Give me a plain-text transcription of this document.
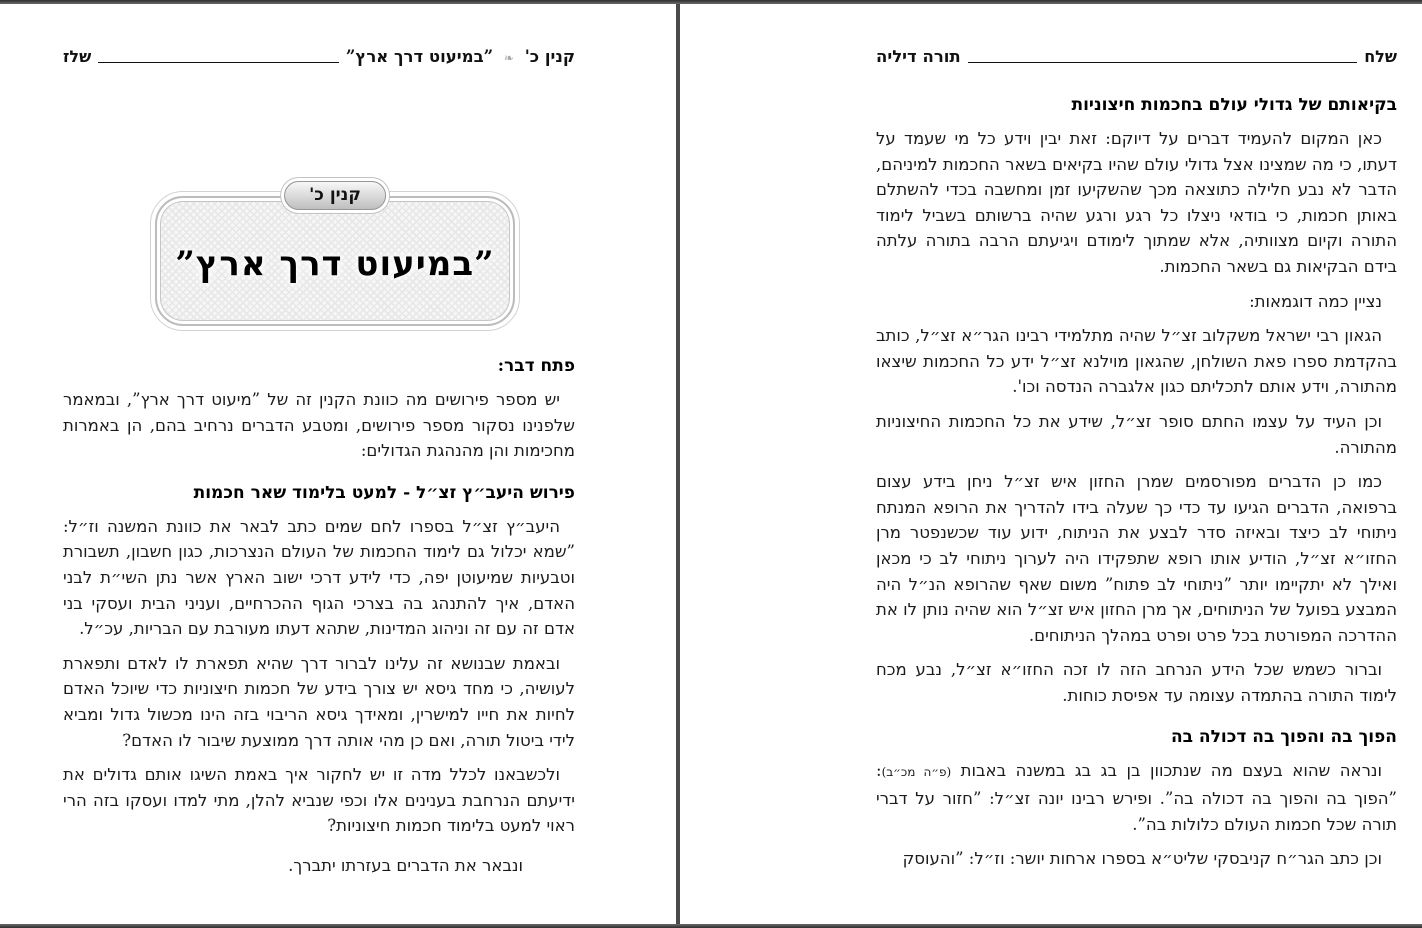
קנין כ' ❧ ”במיעוט דרך ארץ”
שלז
קנין כ'
”במיעוט דרך ארץ”
פתח דבר:

יש מספר פירושים מה כוונת הקנין זה של ”מיעוט דרך ארץ”, ובמאמר שלפנינו נסקור מספר פירושים, ומטבע הדברים נרחיב בהם, הן באמרות מחכימות והן מהנהגת הגדולים:

פירוש היעב״ץ זצ״ל - למעט בלימוד שאר חכמות

היעב״ץ זצ״ל בספרו לחם שמים כתב לבאר את כוונת המשנה וז״ל: ”שמא יכלול גם לימוד החכמות של העולם הנצרכות, כגון חשבון, תשבורת וטבעיות שמיעוטן יפה, כדי לידע דרכי ישוב הארץ אשר נתן השי״ת לבני האדם, איך להתנהג בה בצרכי הגוף ההכרחיים, ועניני הבית ועסקי בני אדם זה עם זה וניהוג המדינות, שתהא דעתו מעורבת עם הבריות, עכ״ל.

ובאמת שבנושא זה עלינו לברור דרך שהיא תפארת לו לאדם ותפארת לעושיה, כי מחד גיסא יש צורך בידע של חכמות חיצוניות כדי שיוכל האדם לחיות את חייו למישרין, ומאידך גיסא הריבוי בזה הינו מכשול גדול ומביא לידי ביטול תורה, ואם כן מהי אותה דרך ממוצעת שיבור לו האדם?

ולכשבאנו לכלל מדה זו יש לחקור איך באמת השיגו אותם גדולים את ידיעתם הנרחבת בענינים אלו וכפי שנביא להלן, מתי למדו ועסקו בזה הרי ראוי למעט בלימוד חכמות חיצוניות?

ונבאר את הדברים בעזרתו יתברך.

שלח
תורה דיליה
בקיאותם של גדולי עולם בחכמות חיצוניות

כאן המקום להעמיד דברים על דיוקם: זאת יבין וידע כל מי שעמד על דעתו, כי מה שמצינו אצל גדולי עולם שהיו בקיאים בשאר החכמות למיניהם, הדבר לא נבע חלילה כתוצאה מכך שהשקיעו זמן ומחשבה בכדי להשתלם באותן חכמות, כי בודאי ניצלו כל רגע ורגע שהיה ברשותם בשביל לימוד התורה וקיום מצוותיה, אלא שמתוך לימודם ויגיעתם הרבה בתורה עלתה בידם הבקיאות גם בשאר החכמות.

נציין כמה דוגמאות:

הגאון רבי ישראל משקלוב זצ״ל שהיה מתלמידי רבינו הגר״א זצ״ל, כותב בהקדמת ספרו פאת השולחן, שהגאון מוילנא זצ״ל ידע כל החכמות שיצאו מהתורה, וידע אותם לתכליתם כגון אלגברה הנדסה וכו'.

וכן העיד על עצמו החתם סופר זצ״ל, שידע את כל החכמות החיצוניות מהתורה.

כמו כן הדברים מפורסמים שמרן החזון איש זצ״ל ניחן בידע עצום ברפואה, הדברים הגיעו עד כדי כך שעלה בידו להדריך את הרופא המנתח ניתוחי לב כיצד ובאיזה סדר לבצע את הניתוח, ידוע עוד שכשנפטר מרן החזו״א זצ״ל, הודיע אותו רופא שתפקידו היה לערוך ניתוחי לב כי מכאן ואילך לא יתקיימו יותר ”ניתוחי לב פתוח” משום שאף שהרופא הנ״ל היה המבצע בפועל של הניתוחים, אך מרן החזון איש זצ״ל הוא שהיה נותן לו את ההדרכה המפורטת בכל פרט ופרט במהלך הניתוחים.

וברור כשמש שכל הידע הנרחב הזה לו זכה החזו״א זצ״ל, נבע מכח לימוד התורה בהתמדה עצומה עד אפיסת כוחות.

הפוך בה והפוך בה דכולה בה

ונראה שהוא בעצם מה שנתכוון בן בג בג במשנה באבות (פ״ה מכ״ב): ”הפוך בה והפוך בה דכולה בה”. ופירש רבינו יונה זצ״ל: ”חזור על דברי תורה שכל חכמות העולם כלולות בה”.

וכן כתב הגר״ח קניבסקי שליט״א בספרו ארחות יושר: וז״ל: ”והעוסק
